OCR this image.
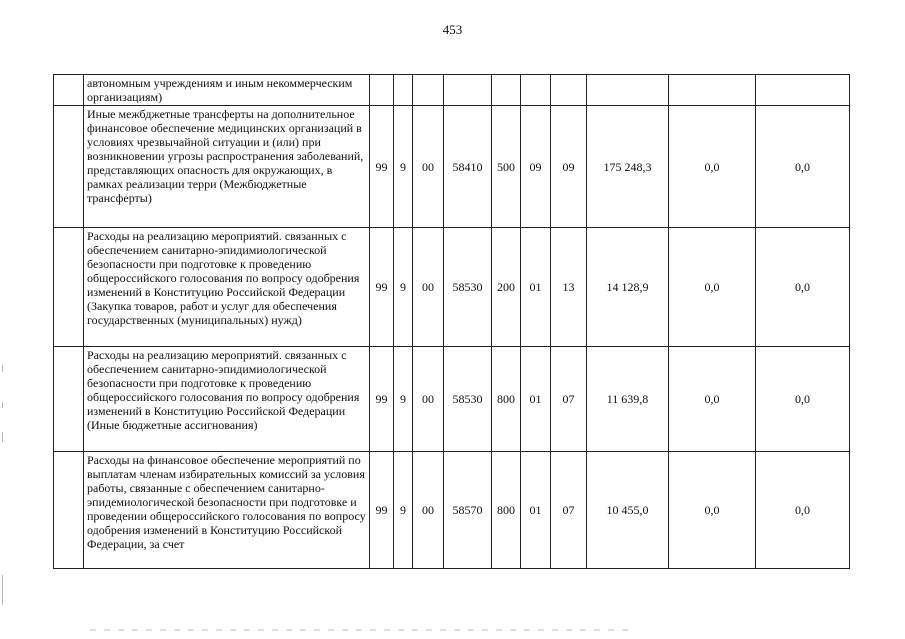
453
	автономным учреждениям и иным некоммерческим организациям)										
	Иные межбджетные трансферты на дополнительное финансовое обеспечение медицинских организаций в условиях чрезвычайной ситуации и (или) при возникновении угрозы распространения заболеваний, представляющих опасность для окружающих, в рамках реализации терри (Межбюджетные трансферты)	99	9	00	58410	500	09	09	175 248,3	0,0	0,0
	Расходы на реализацию мероприятий. связанных с обеспечением санитарно-эпидимиологической безопасности при подготовке к проведению общероссийского голосования по вопросу одобрения изменений в Конституцию Российской Федерации (Закупка товаров, работ и услуг для обеспечения государственных (муниципальных) нужд)	99	9	00	58530	200	01	13	14 128,9	0,0	0,0
	Расходы на реализацию мероприятий. связанных с обеспечением санитарно-эпидимиологической безопасности при подготовке к проведению общероссийского голосования по вопросу одобрения изменений в Конституцию Российской Федерации (Иные бюджетные ассигнования)	99	9	00	58530	800	01	07	11 639,8	0,0	0,0
	Расходы на финансовое обеспечение мероприятий по выплатам членам избирательных комиссий за условия работы, связанные с обеспечением санитарно-эпидемиологической безопасности при подготовке и проведении общероссийского голосования по вопросу одобрения изменений в Конституцию Российской Федерации, за счет	99	9	00	58570	800	01	07	10 455,0	0,0	0,0
